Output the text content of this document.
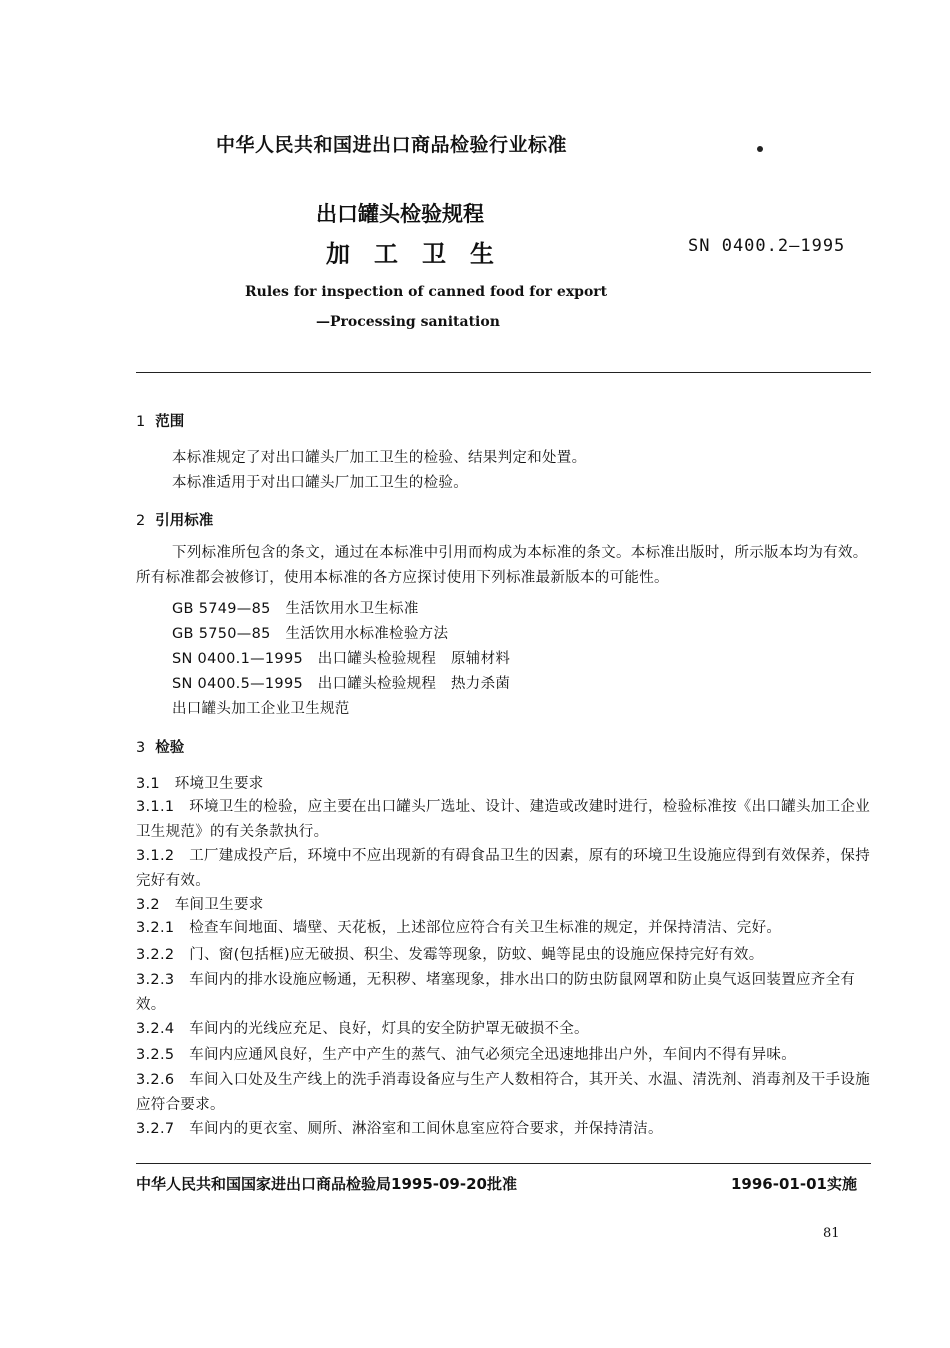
中华人民共和国进出口商品检验行业标准
出口罐头检验规程
加工卫生	SN 0400.2—1995
Rules for inspection of canned food for export
—Processing sanitation
1 范围
本标准规定了对出口罐头厂加工卫生的检验、结果判定和处置。
本标准适用于对出口罐头厂加工卫生的检验。
2 引用标准
下列标准所包含的条文，通过在本标准中引用而构成为本标准的条文。本标准出版时，所示版本均为有效。所有标准都会被修订，使用本标准的各方应探讨使用下列标准最新版本的可能性。
GB 5749—85　生活饮用水卫生标准
GB 5750—85　生活饮用水标准检验方法
SN 0400.1—1995　出口罐头检验规程　原辅材料
SN 0400.5—1995　出口罐头检验规程　热力杀菌
出口罐头加工企业卫生规范
3 检验
3.1　环境卫生要求
3.1.1　环境卫生的检验，应主要在出口罐头厂选址、设计、建造或改建时进行，检验标准按《出口罐头加工企业卫生规范》的有关条款执行。
3.1.2　工厂建成投产后，环境中不应出现新的有碍食品卫生的因素，原有的环境卫生设施应得到有效保养，保持完好有效。
3.2　车间卫生要求
3.2.1　检查车间地面、墙壁、天花板，上述部位应符合有关卫生标准的规定，并保持清洁、完好。
3.2.2　门、窗(包括框)应无破损、积尘、发霉等现象，防蚊、蝇等昆虫的设施应保持完好有效。
3.2.3　车间内的排水设施应畅通，无积秽、堵塞现象，排水出口的防虫防鼠网罩和防止臭气返回装置应齐全有效。
3.2.4　车间内的光线应充足、良好，灯具的安全防护罩无破损不全。
3.2.5　车间内应通风良好，生产中产生的蒸气、油气必须完全迅速地排出户外，车间内不得有异味。
3.2.6　车间入口处及生产线上的洗手消毒设备应与生产人数相符合，其开关、水温、清洗剂、消毒剂及干手设施应符合要求。
3.2.7　车间内的更衣室、厕所、淋浴室和工间休息室应符合要求，并保持清洁。
中华人民共和国国家进出口商品检验局1995-09-20批准	1996-01-01实施
81
